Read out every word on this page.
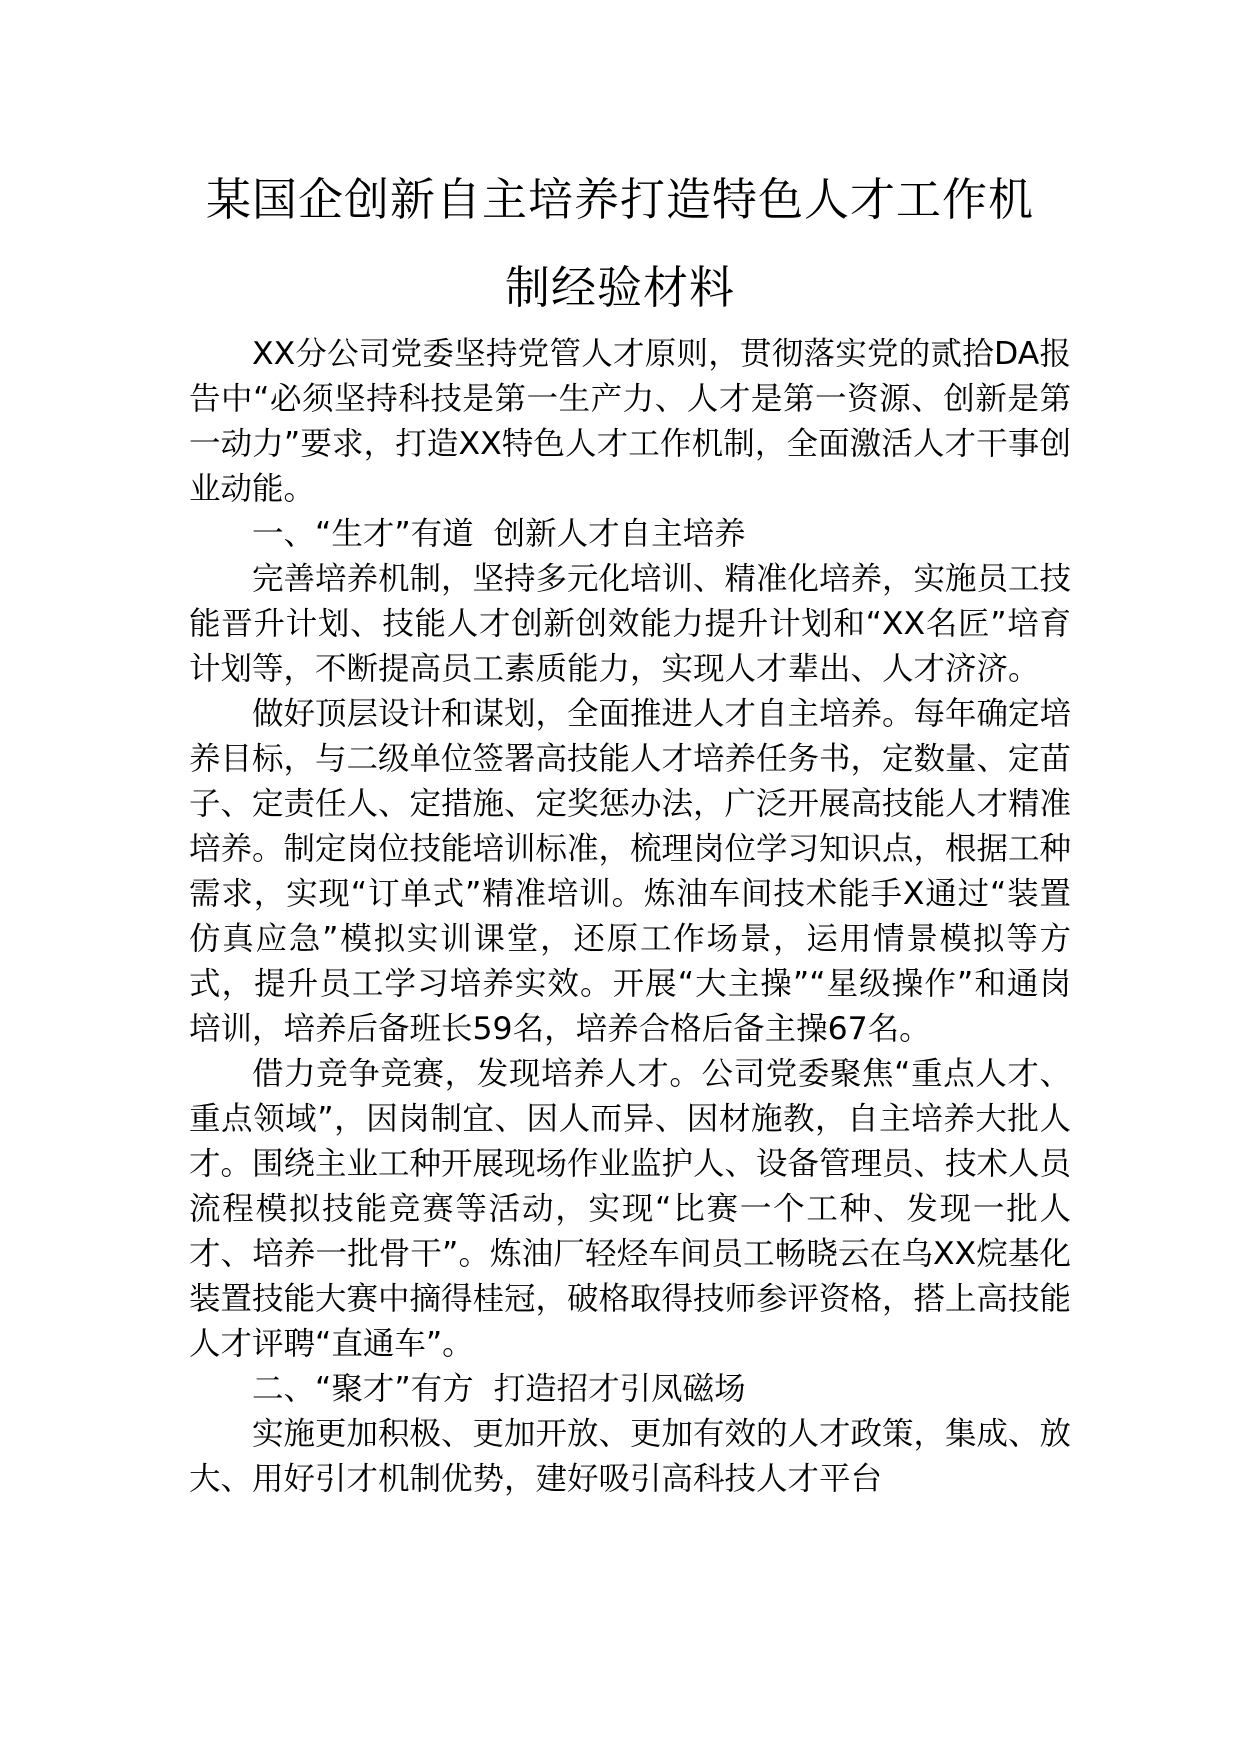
某国企创新自主培养打造特色人才工作机
制经验材料

XX分公司党委坚持党管人才原则，贯彻落实党的贰拾DA报告中“必须坚持科技是第一生产力、人才是第一资源、创新是第一动力”要求，打造XX特色人才工作机制，全面激活人才干事创业动能。

一、“生才”有道  创新人才自主培养

完善培养机制，坚持多元化培训、精准化培养，实施员工技能晋升计划、技能人才创新创效能力提升计划和“XX名匠”培育计划等，不断提高员工素质能力，实现人才辈出、人才济济。

做好顶层设计和谋划，全面推进人才自主培养。每年确定培养目标，与二级单位签署高技能人才培养任务书，定数量、定苗子、定责任人、定措施、定奖惩办法，广泛开展高技能人才精准培养。制定岗位技能培训标准，梳理岗位学习知识点，根据工种需求，实现“订单式”精准培训。炼油车间技术能手X通过“装置仿真应急”模拟实训课堂，还原工作场景，运用情景模拟等方式，提升员工学习培养实效。开展“大主操”“星级操作”和通岗培训，培养后备班长59名，培养合格后备主操67名。

借力竞争竞赛，发现培养人才。公司党委聚焦“重点人才、重点领域”，因岗制宜、因人而异、因材施教，自主培养大批人才。围绕主业工种开展现场作业监护人、设备管理员、技术人员流程模拟技能竞赛等活动，实现“比赛一个工种、发现一批人才、培养一批骨干”。炼油厂轻烃车间员工畅晓云在乌XX烷基化装置技能大赛中摘得桂冠，破格取得技师参评资格，搭上高技能人才评聘“直通车”。

二、“聚才”有方  打造招才引凤磁场

实施更加积极、更加开放、更加有效的人才政策，集成、放大、用好引才机制优势，建好吸引高科技人才平台
